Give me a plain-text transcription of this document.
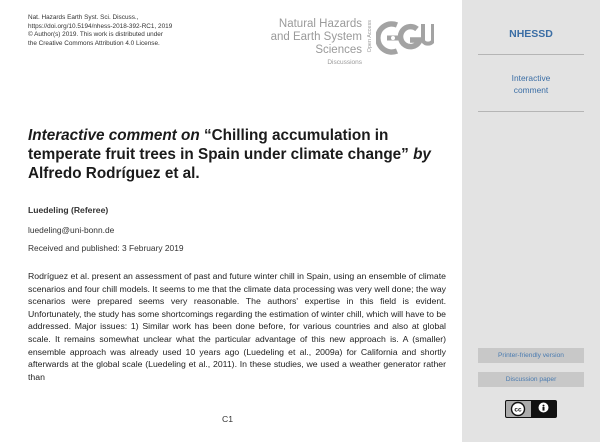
Nat. Hazards Earth Syst. Sci. Discuss.,
https://doi.org/10.5194/nhess-2018-392-RC1, 2019
© Author(s) 2019. This work is distributed under
the Creative Commons Attribution 4.0 License.
Natural Hazards
and Earth System
Sciences
Discussions
Open Access
Interactive comment on “Chilling accumulation in temperate fruit trees in Spain under climate change” by Alfredo Rodríguez et al.
Luedeling (Referee)
luedeling@uni-bonn.de
Received and published: 3 February 2019

Rodríguez et al. present an assessment of past and future winter chill in Spain, using an ensemble of climate scenarios and four chill models. It seems to me that the climate data processing was very well done; the way scenarios were prepared seems very reasonable. The authors' expertise in this field is evident. Unfortunately, the study has some shortcomings regarding the estimation of winter chill, which will have to be addressed. Major issues: 1) Similar work has been done before, for various countries and also at global scale. It remains somewhat unclear what the particular advantage of this new approach is. A (smaller) ensemble approach was already used 10 years ago (Luedeling et al., 2009a) for California and shortly afterwards at the global scale (Luedeling et al., 2011). In these studies, we used a weather generator rather than

C1
NHESSD
Interactive
comment
Printer-friendly version
Discussion paper
cc
